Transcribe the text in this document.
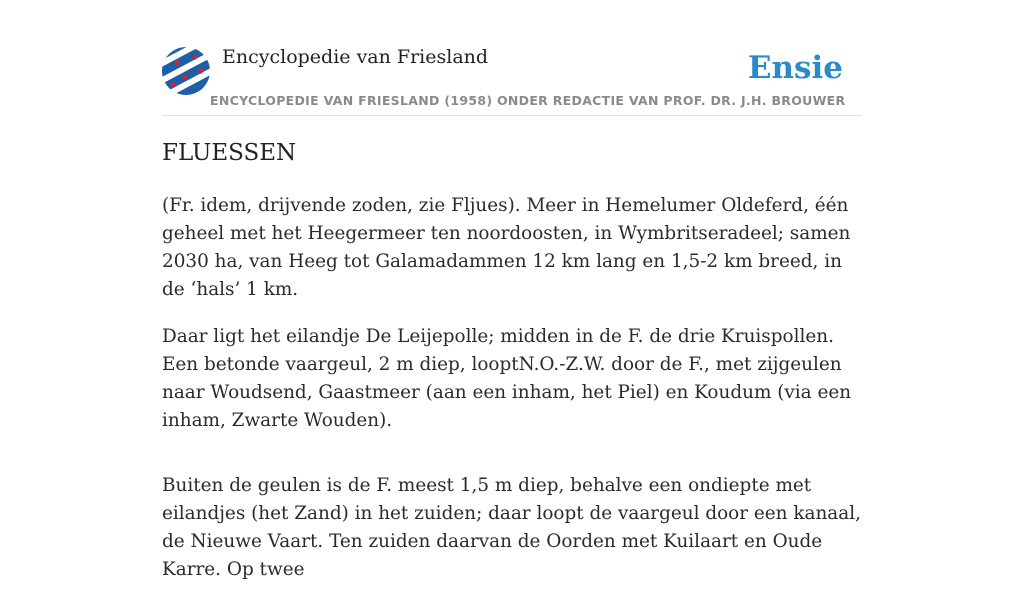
Encyclopedie van Friesland
ENCYCLOPEDIE VAN FRIESLAND (1958) ONDER REDACTIE VAN PROF. DR. J.H. BROUWER
Ensie
FLUESSEN

(Fr. idem, drijvende zoden, zie Fljues). Meer in Hemelumer Oldeferd, één geheel met het Heegermeer ten noordoosten, in Wymbritseradeel; samen 2030 ha, van Heeg tot Galamadammen 12 km lang en 1,5-2 km breed, in de ‘hals’ 1 km.

Daar ligt het eilandje De Leijepolle; midden in de F. de drie Kruispollen. Een betonde vaargeul, 2 m diep, looptN.O.-Z.W. door de F., met zijgeulen naar Woudsend, Gaastmeer (aan een inham, het Piel) en Koudum (via een inham, Zwarte Wouden).

Buiten de geulen is de F. meest 1,5 m diep, behalve een ondiepte met eilandjes (het Zand) in het zuiden; daar loopt de vaargeul door een kanaal, de Nieuwe Vaart. Ten zuiden daarvan de Oorden met Kuilaart en Oude Karre. Op twee
